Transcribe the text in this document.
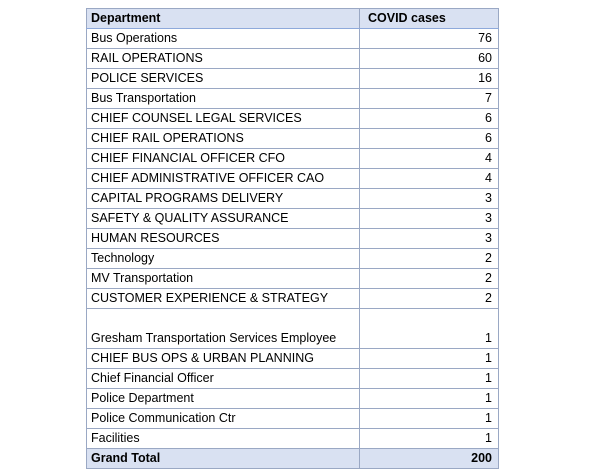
Department	COVID cases
Bus Operations	76
RAIL OPERATIONS	60
POLICE SERVICES	16
Bus Transportation	7
CHIEF COUNSEL LEGAL SERVICES	6
CHIEF RAIL OPERATIONS	6
CHIEF FINANCIAL OFFICER CFO	4
CHIEF ADMINISTRATIVE OFFICER CAO	4
CAPITAL PROGRAMS DELIVERY	3
SAFETY & QUALITY ASSURANCE	3
HUMAN RESOURCES	3
Technology	2
MV Transportation	2
CUSTOMER EXPERIENCE & STRATEGY	2
Gresham Transportation Services Employee	1
CHIEF BUS OPS & URBAN PLANNING	1
Chief Financial Officer	1
Police Department	1
Police Communication Ctr	1
Facilities	1
Grand Total	200
